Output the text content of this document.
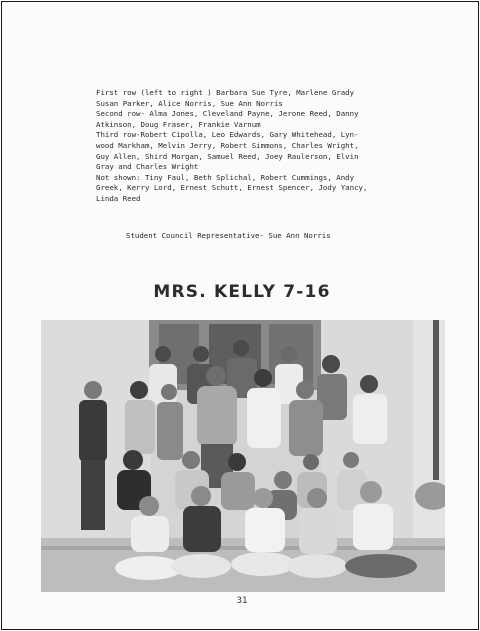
First row (left to right ) Barbara Sue Tyre, Marlene Grady
Susan Parker, Alice Norris, Sue Ann Norris
Second row- Alma Jones, Cleveland Payne, Jerone Reed, Danny
Atkinson, Doug Fraser, Frankie Varnum
Third row-Robert Cipolla, Leo Edwards, Gary Whitehead, Lyn-
wood Markham, Melvin Jerry, Robert Simmons, Charles Wright,
Guy Allen, Shird Morgan, Samuel Reed, Joey Raulerson, Elvin
Gray and Charles Wright
Not shown: Tiny Faul, Beth Splichal, Robert Cummings, Andy
Greek, Kerry Lord, Ernest Schutt, Ernest Spencer, Jody Yancy,
Linda Reed
Student Council Representative- Sue Ann Norris
MRS. KELLY 7-16
31
